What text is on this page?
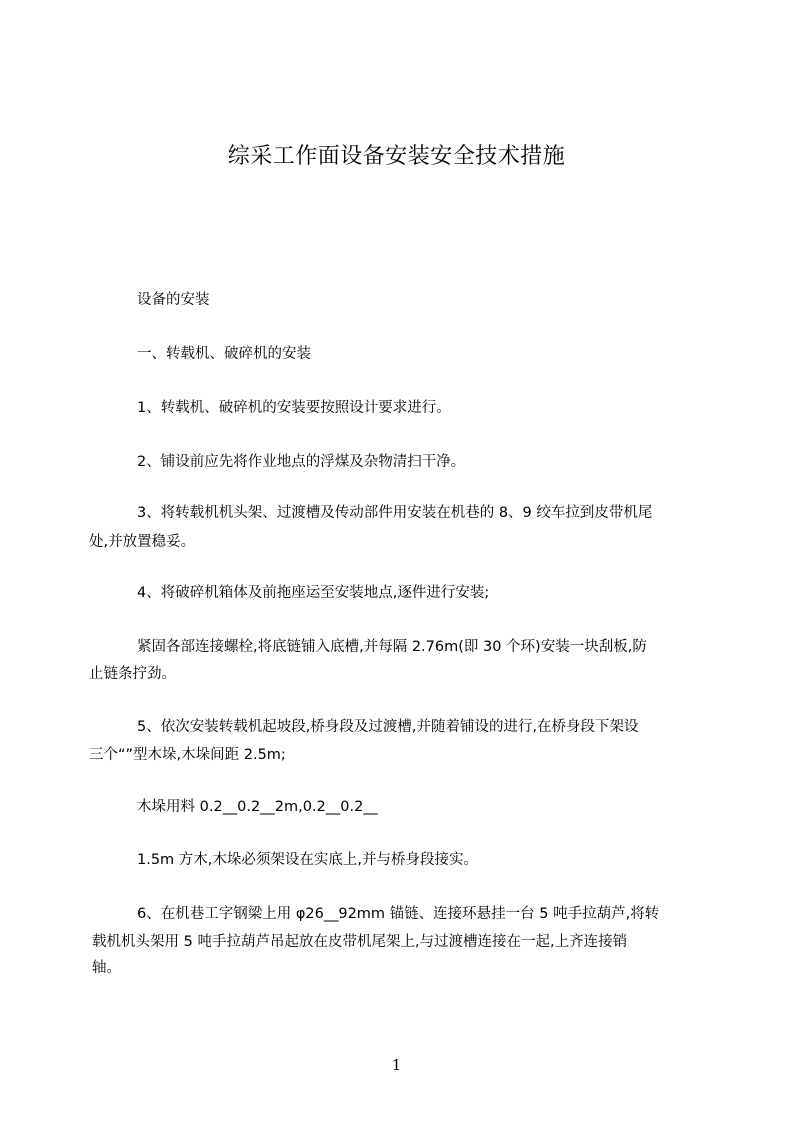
综采工作面设备安装安全技术措施
设备的安装
一、转载机、破碎机的安装
1、转载机、破碎机的安装要按照设计要求进行。
2、铺设前应先将作业地点的浮煤及杂物清扫干净。
3、将转载机机头架、过渡槽及传动部件用安装在机巷的 8、9 绞车拉到皮带机尾
处,并放置稳妥。
4、将破碎机箱体及前拖座运至安装地点,逐件进行安装;
紧固各部连接螺栓,将底链铺入底槽,并每隔 2.76m(即 30 个环)安装一块刮板,防
止链条拧劲。
5、依次安装转载机起坡段,桥身段及过渡槽,并随着铺设的进行,在桥身段下架设
三个“”型木垛,木垛间距 2.5m;
木垛用料 0.2__0.2__2m,0.2__0.2__
1.5m 方木,木垛必须架设在实底上,并与桥身段接实。
6、在机巷工字钢梁上用 φ26__92mm 锚链、连接环悬挂一台 5 吨手拉葫芦,将转
载机机头架用 5 吨手拉葫芦吊起放在皮带机尾架上,与过渡槽连接在一起,上齐连接销
轴。
1
